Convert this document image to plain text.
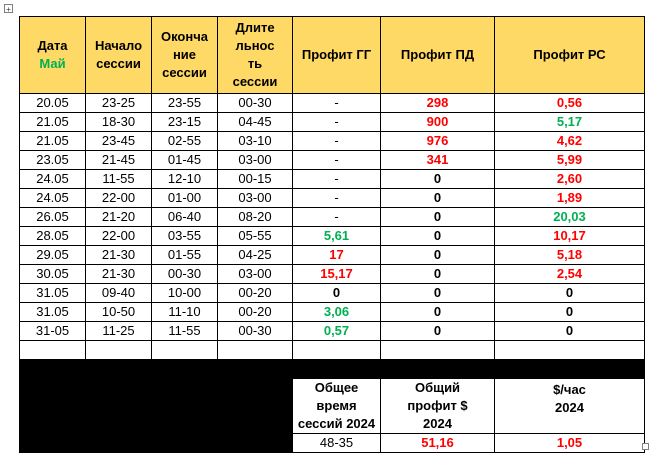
+
Дата
Май	Начало
сессии	Оконча
ние
сессии	Длите
льнос
ть
сессии	Профит ГГ	Профит ПД	Профит РС

20.05	23-25	23-55	00-30	-	298	0,56
21.05	18-30	23-15	04-45	-	900	5,17
21.05	23-45	02-55	03-10	-	976	4,62
23.05	21-45	01-45	03-00	-	341	5,99
24.05	11-55	12-10	00-15	-	0	2,60
24.05	22-00	01-00	03-00	-	0	1,89
26.05	21-20	06-40	08-20	-	0	20,03
28.05	22-00	03-55	05-55	5,61	0	10,17
29.05	21-30	01-55	04-25	17	0	5,18
30.05	21-30	00-30	03-00	15,17	0	2,54
31.05	09-40	10-00	00-20	0	0	0
31.05	10-50	11-10	00-20	3,06	0	0
31-05	11-25	11-55	00-30	0,57	0	0

				Общее
время
сессий 2024	Общий
профит $
2024	$/час
2024

				48-35	51,16	1,05
